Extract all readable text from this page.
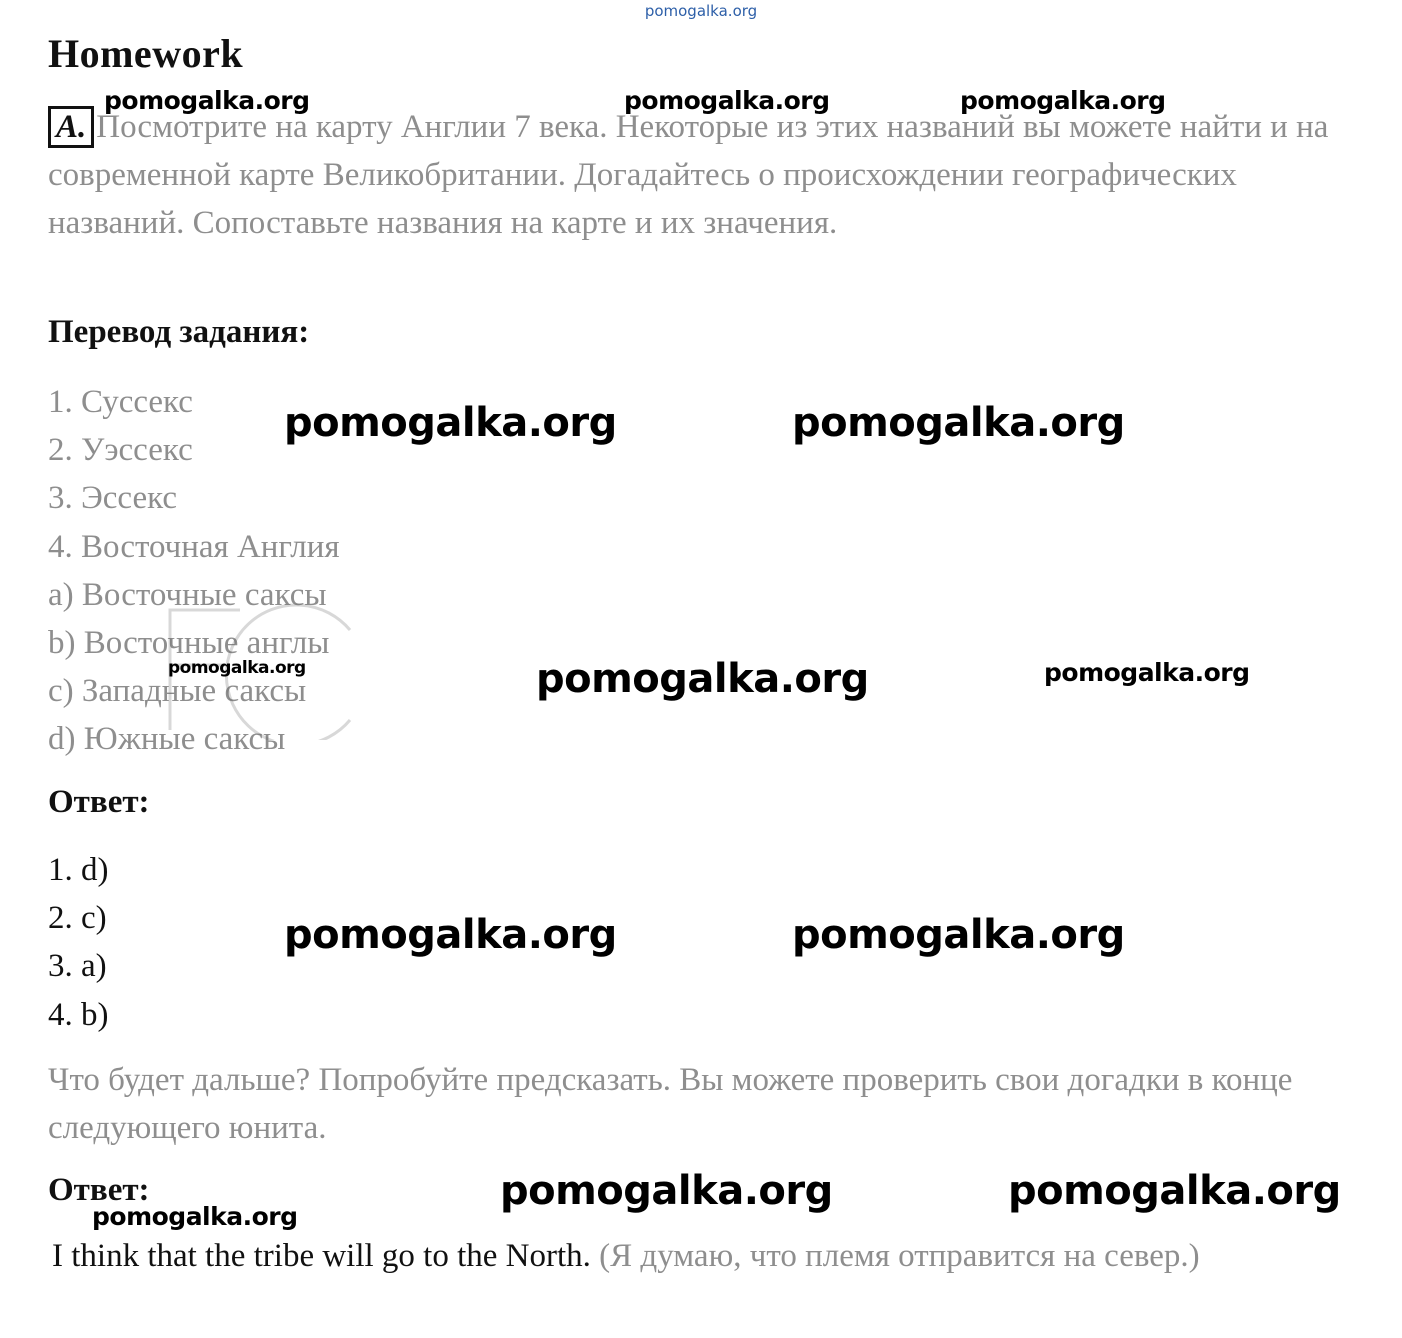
pomogalka.org
Homework
A. Посмотрите на карту Англии 7 века. Некоторые из этих названий вы можете найти и на современной карте Великобритании. Догадайтесь о происхождении географических названий. Сопоставьте названия на карте и их значения.
Перевод задания:
1. Суссекс
2. Уэссекс
3. Эссекс
4. Восточная Англия
a) Восточные саксы
b) Восточные англы
c) Западные саксы
d) Южные саксы
Ответ:
1. d)
2. c)
3. a)
4. b)
Что будет дальше? Попробуйте предсказать. Вы можете проверить свои догадки в конце следующего юнита.
Ответ:
I think that the tribe will go to the North. (Я думаю, что племя отправится на север.)
pomogalka.org	pomogalka.org	pomogalka.org
pomogalka.org	pomogalka.org
pomogalka.org	pomogalka.org	pomogalka.org
pomogalka.org	pomogalka.org
pomogalka.org	pomogalka.org
pomogalka.org
